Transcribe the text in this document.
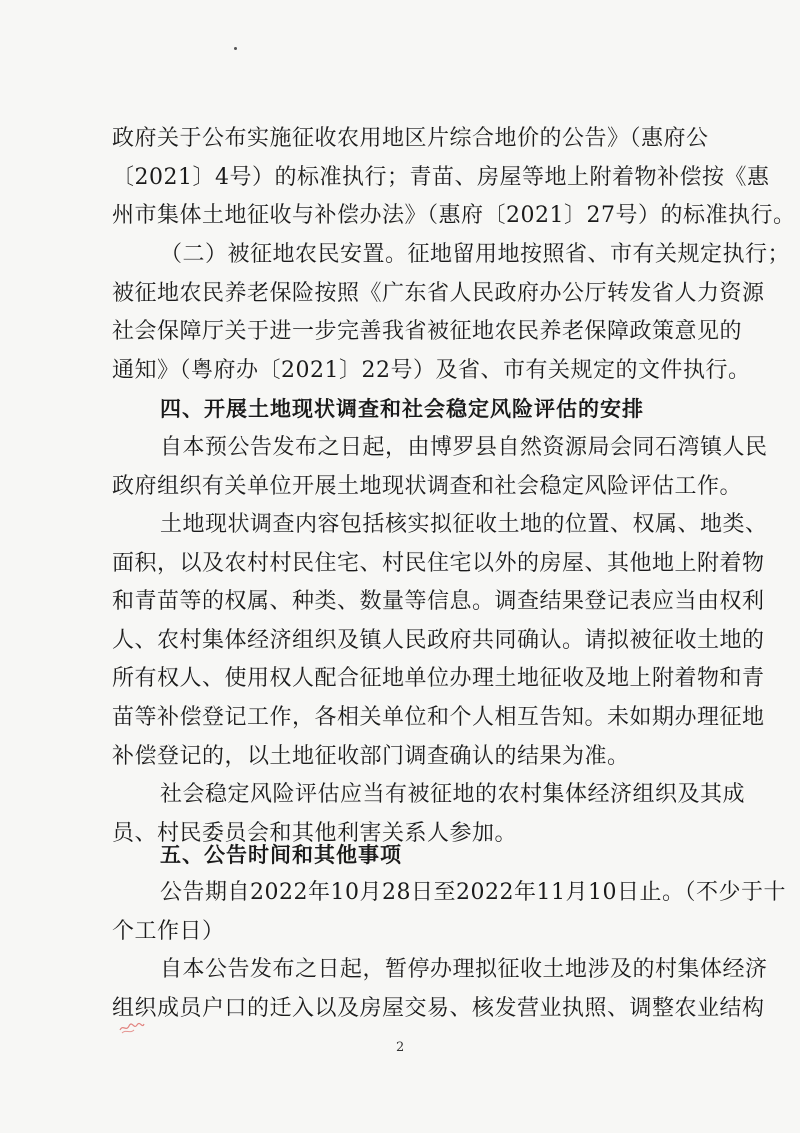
政府关于公布实施征收农用地区片综合地价的公告》（惠府公
〔2021〕4号）的标准执行；青苗、房屋等地上附着物补偿按《惠
州市集体土地征收与补偿办法》（惠府〔2021〕27号）的标准执行。
（二）被征地农民安置。征地留用地按照省、市有关规定执行；
被征地农民养老保险按照《广东省人民政府办公厅转发省人力资源
社会保障厅关于进一步完善我省被征地农民养老保障政策意见的
通知》（粤府办〔2021〕22号）及省、市有关规定的文件执行。
四、开展土地现状调查和社会稳定风险评估的安排
自本预公告发布之日起，由博罗县自然资源局会同石湾镇人民
政府组织有关单位开展土地现状调查和社会稳定风险评估工作。
土地现状调查内容包括核实拟征收土地的位置、权属、地类、
面积，以及农村村民住宅、村民住宅以外的房屋、其他地上附着物
和青苗等的权属、种类、数量等信息。调查结果登记表应当由权利
人、农村集体经济组织及镇人民政府共同确认。请拟被征收土地的
所有权人、使用权人配合征地单位办理土地征收及地上附着物和青
苗等补偿登记工作，各相关单位和个人相互告知。未如期办理征地
补偿登记的，以土地征收部门调查确认的结果为准。
社会稳定风险评估应当有被征地的农村集体经济组织及其成
员、村民委员会和其他利害关系人参加。
五、公告时间和其他事项
公告期自2022年10月28日至2022年11月10日止。（不少于十
个工作日）
自本公告发布之日起，暂停办理拟征收土地涉及的村集体经济
组织成员户口的迁入以及房屋交易、核发营业执照、调整农业结构
2
